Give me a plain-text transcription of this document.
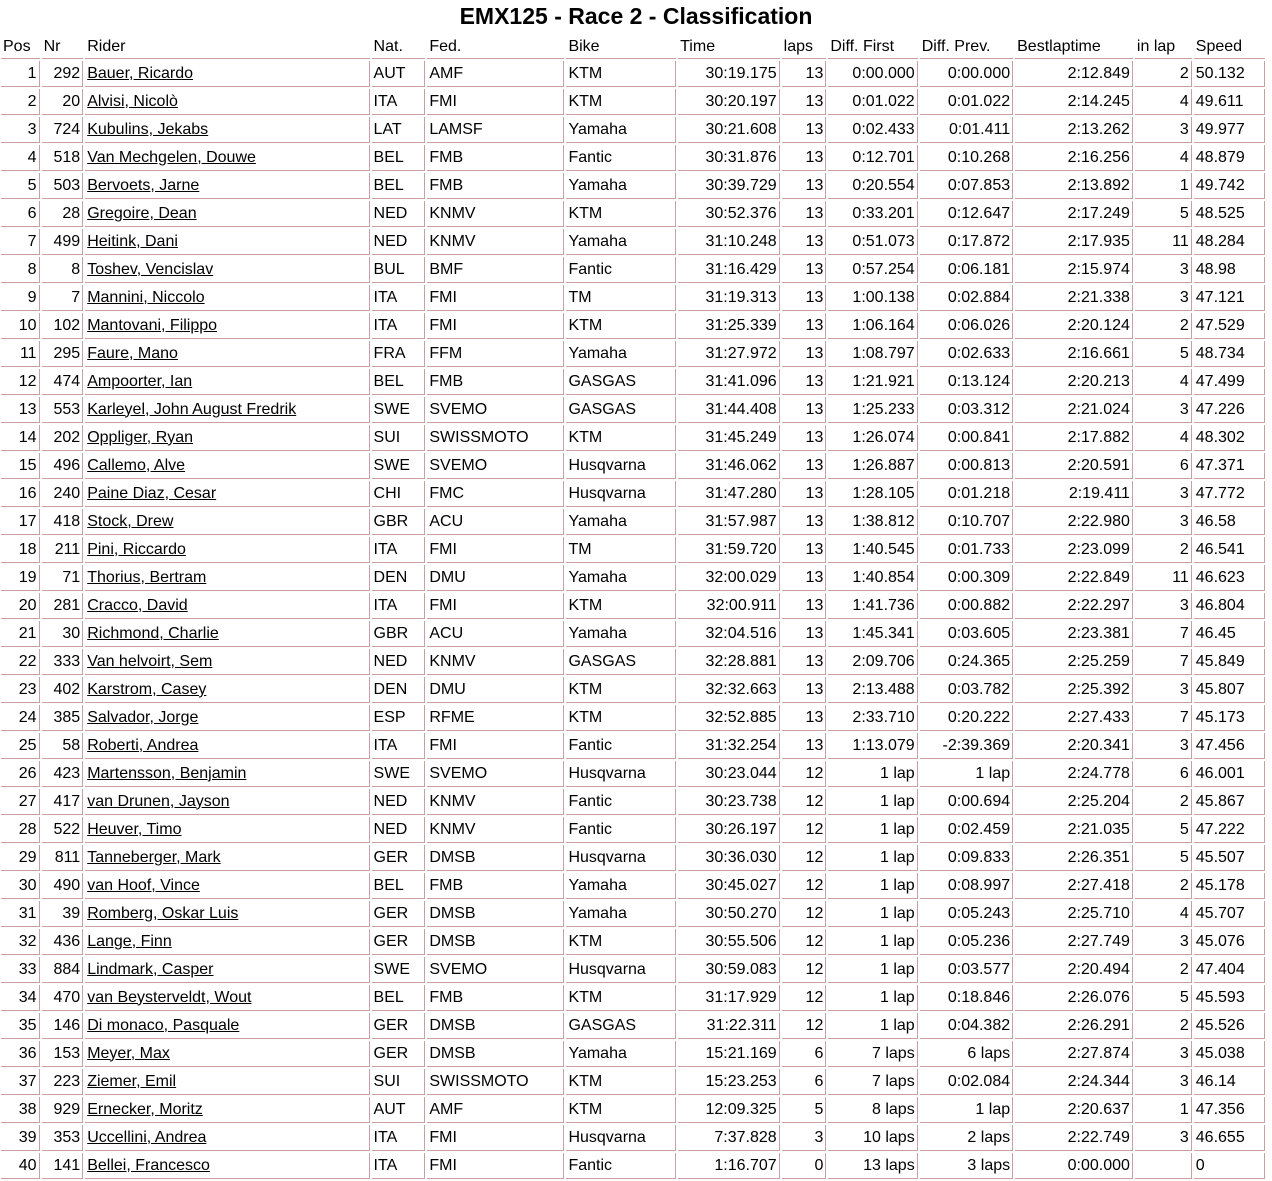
EMX125 - Race 2 - Classification
Pos	Nr	Rider	Nat.	Fed.	Bike	Time	laps	Diff. First	Diff. Prev.	Bestlaptime	in lap	Speed
1	292	Bauer, Ricardo	AUT	AMF	KTM	30:19.175	13	0:00.000	0:00.000	2:12.849	2	50.132
2	20	Alvisi, Nicolò	ITA	FMI	KTM	30:20.197	13	0:01.022	0:01.022	2:14.245	4	49.611
3	724	Kubulins, Jekabs	LAT	LAMSF	Yamaha	30:21.608	13	0:02.433	0:01.411	2:13.262	3	49.977
4	518	Van Mechgelen, Douwe	BEL	FMB	Fantic	30:31.876	13	0:12.701	0:10.268	2:16.256	4	48.879
5	503	Bervoets, Jarne	BEL	FMB	Yamaha	30:39.729	13	0:20.554	0:07.853	2:13.892	1	49.742
6	28	Gregoire, Dean	NED	KNMV	KTM	30:52.376	13	0:33.201	0:12.647	2:17.249	5	48.525
7	499	Heitink, Dani	NED	KNMV	Yamaha	31:10.248	13	0:51.073	0:17.872	2:17.935	11	48.284
8	8	Toshev, Vencislav	BUL	BMF	Fantic	31:16.429	13	0:57.254	0:06.181	2:15.974	3	48.98
9	7	Mannini, Niccolo	ITA	FMI	TM	31:19.313	13	1:00.138	0:02.884	2:21.338	3	47.121
10	102	Mantovani, Filippo	ITA	FMI	KTM	31:25.339	13	1:06.164	0:06.026	2:20.124	2	47.529
11	295	Faure, Mano	FRA	FFM	Yamaha	31:27.972	13	1:08.797	0:02.633	2:16.661	5	48.734
12	474	Ampoorter, Ian	BEL	FMB	GASGAS	31:41.096	13	1:21.921	0:13.124	2:20.213	4	47.499
13	553	Karleyel, John August Fredrik	SWE	SVEMO	GASGAS	31:44.408	13	1:25.233	0:03.312	2:21.024	3	47.226
14	202	Oppliger, Ryan	SUI	SWISSMOTO	KTM	31:45.249	13	1:26.074	0:00.841	2:17.882	4	48.302
15	496	Callemo, Alve	SWE	SVEMO	Husqvarna	31:46.062	13	1:26.887	0:00.813	2:20.591	6	47.371
16	240	Paine Diaz, Cesar	CHI	FMC	Husqvarna	31:47.280	13	1:28.105	0:01.218	2:19.411	3	47.772
17	418	Stock, Drew	GBR	ACU	Yamaha	31:57.987	13	1:38.812	0:10.707	2:22.980	3	46.58
18	211	Pini, Riccardo	ITA	FMI	TM	31:59.720	13	1:40.545	0:01.733	2:23.099	2	46.541
19	71	Thorius, Bertram	DEN	DMU	Yamaha	32:00.029	13	1:40.854	0:00.309	2:22.849	11	46.623
20	281	Cracco, David	ITA	FMI	KTM	32:00.911	13	1:41.736	0:00.882	2:22.297	3	46.804
21	30	Richmond, Charlie	GBR	ACU	Yamaha	32:04.516	13	1:45.341	0:03.605	2:23.381	7	46.45
22	333	Van helvoirt, Sem	NED	KNMV	GASGAS	32:28.881	13	2:09.706	0:24.365	2:25.259	7	45.849
23	402	Karstrom, Casey	DEN	DMU	KTM	32:32.663	13	2:13.488	0:03.782	2:25.392	3	45.807
24	385	Salvador, Jorge	ESP	RFME	KTM	32:52.885	13	2:33.710	0:20.222	2:27.433	7	45.173
25	58	Roberti, Andrea	ITA	FMI	Fantic	31:32.254	13	1:13.079	-2:39.369	2:20.341	3	47.456
26	423	Martensson, Benjamin	SWE	SVEMO	Husqvarna	30:23.044	12	1 lap	1 lap	2:24.778	6	46.001
27	417	van Drunen, Jayson	NED	KNMV	Fantic	30:23.738	12	1 lap	0:00.694	2:25.204	2	45.867
28	522	Heuver, Timo	NED	KNMV	Fantic	30:26.197	12	1 lap	0:02.459	2:21.035	5	47.222
29	811	Tanneberger, Mark	GER	DMSB	Husqvarna	30:36.030	12	1 lap	0:09.833	2:26.351	5	45.507
30	490	van Hoof, Vince	BEL	FMB	Yamaha	30:45.027	12	1 lap	0:08.997	2:27.418	2	45.178
31	39	Romberg, Oskar Luis	GER	DMSB	Yamaha	30:50.270	12	1 lap	0:05.243	2:25.710	4	45.707
32	436	Lange, Finn	GER	DMSB	KTM	30:55.506	12	1 lap	0:05.236	2:27.749	3	45.076
33	884	Lindmark, Casper	SWE	SVEMO	Husqvarna	30:59.083	12	1 lap	0:03.577	2:20.494	2	47.404
34	470	van Beysterveldt, Wout	BEL	FMB	KTM	31:17.929	12	1 lap	0:18.846	2:26.076	5	45.593
35	146	Di monaco, Pasquale	GER	DMSB	GASGAS	31:22.311	12	1 lap	0:04.382	2:26.291	2	45.526
36	153	Meyer, Max	GER	DMSB	Yamaha	15:21.169	6	7 laps	6 laps	2:27.874	3	45.038
37	223	Ziemer, Emil	SUI	SWISSMOTO	KTM	15:23.253	6	7 laps	0:02.084	2:24.344	3	46.14
38	929	Ernecker, Moritz	AUT	AMF	KTM	12:09.325	5	8 laps	1 lap	2:20.637	1	47.356
39	353	Uccellini, Andrea	ITA	FMI	Husqvarna	7:37.828	3	10 laps	2 laps	2:22.749	3	46.655
40	141	Bellei, Francesco	ITA	FMI	Fantic	1:16.707	0	13 laps	3 laps	0:00.000		0
